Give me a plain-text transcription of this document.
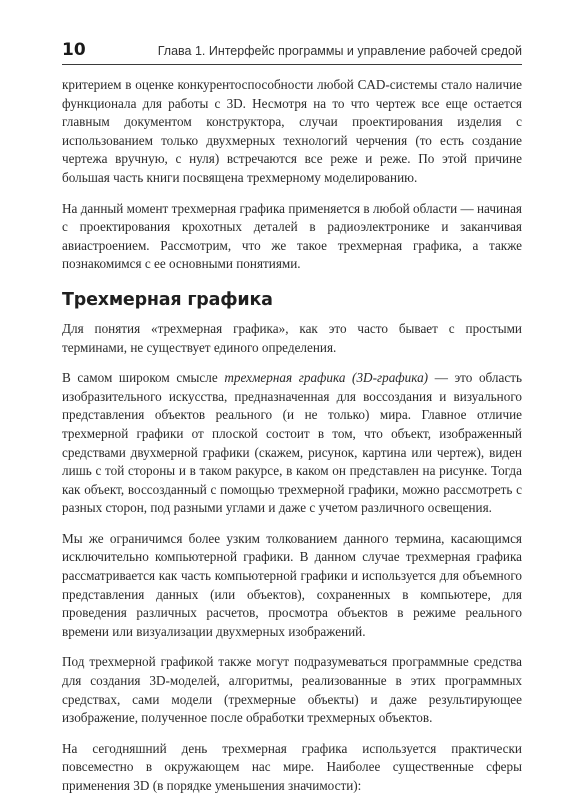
10	Глава 1. Интерфейс программы и управление рабочей средой

критерием в оценке конкурентоспособности любой CAD-системы стало наличие функционала для работы с 3D. Несмотря на то что чертеж все еще остается главным документом конструктора, случаи проектирования изделия с использованием только двухмерных технологий черчения (то есть создание чертежа вручную, с нуля) встречаются все реже и реже. По этой причине большая часть книги посвящена трехмерному моделированию.

На данный момент трехмерная графика применяется в любой области — начиная с проектирования крохотных деталей в радиоэлектронике и заканчивая авиастроением. Рассмотрим, что же такое трехмерная графика, а также познакомимся с ее основными понятиями.

Трехмерная графика

Для понятия «трехмерная графика», как это часто бывает с простыми терминами, не существует единого определения.

В самом широком смысле трехмерная графика (3D-графика) — это область изобразительного искусства, предназначенная для воссоздания и визуального представления объектов реального (и не только) мира. Главное отличие трехмерной графики от плоской состоит в том, что объект, изображенный средствами двухмерной графики (скажем, рисунок, картина или чертеж), виден лишь с той стороны и в таком ракурсе, в каком он представлен на рисунке. Тогда как объект, воссозданный с помощью трехмерной графики, можно рассмотреть с разных сторон, под разными углами и даже с учетом различного освещения.

Мы же ограничимся более узким толкованием данного термина, касающимся исключительно компьютерной графики. В данном случае трехмерная графика рассматривается как часть компьютерной графики и используется для объемного представления данных (или объектов), сохраненных в компьютере, для проведения различных расчетов, просмотра объектов в режиме реального времени или визуализации двухмерных изображений.

Под трехмерной графикой также могут подразумеваться программные средства для создания 3D-моделей, алгоритмы, реализованные в этих программных средствах, сами модели (трехмерные объекты) и даже результирующее изображение, полученное после обработки трехмерных объектов.

На сегодняшний день трехмерная графика используется практически повсеместно в окружающем нас мире. Наиболее существенные сферы применения 3D (в порядке уменьшения значимости):
